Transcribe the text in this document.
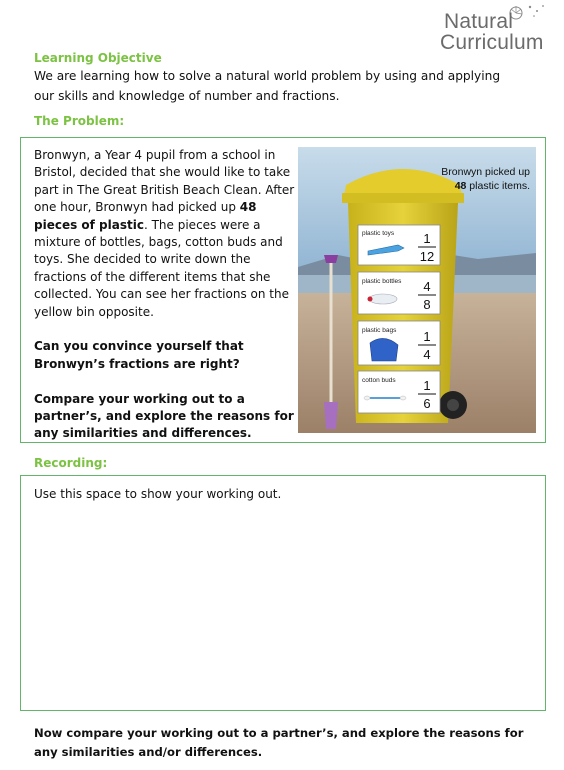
Natural
Curriculum
Learning Objective
We are learning how to solve a natural world problem by using and applying our skills and knowledge of number and fractions.
The Problem:

Bronwyn, a Year 4 pupil from a school in Bristol, decided that she would like to take part in The Great British Beach Clean. After one hour, Bronwyn had picked up 48 pieces of plastic. The pieces were a mixture of bottles, bags, cotton buds and toys. She decided to write down the fractions of the different items that she collected. You can see her fractions on the yellow bin opposite.

Can you convince yourself that Bronwyn’s fractions are right?

Compare your working out to a partner’s, and explore the reasons for any similarities and differences.

plastic toys 1
12
plastic bottles 4
8
plastic bags 1
4
cotton buds 1
6
Bronwyn picked up
48 plastic items.
Recording:
Use this space to show your working out.
Now compare your working out to a partner’s, and explore the reasons for any similarities and/or differences.
